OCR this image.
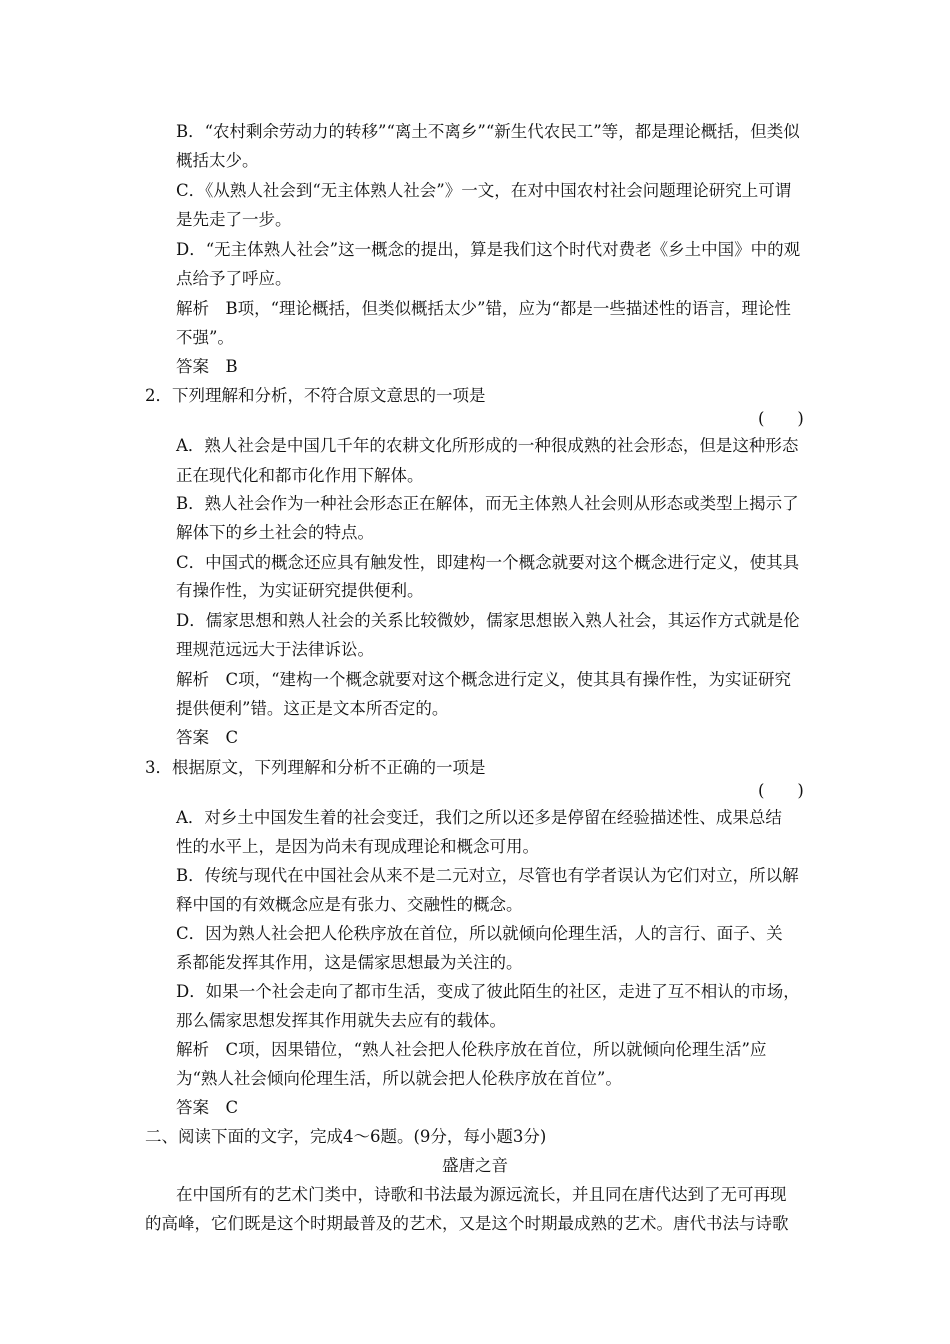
B．“农村剩余劳动力的转移”“离土不离乡”“新生代农民工”等，都是理论概括，但类似
概括太少。
C．《从熟人社会到“无主体熟人社会”》一文，在对中国农村社会问题理论研究上可谓
是先走了一步。
D．“无主体熟人社会”这一概念的提出，算是我们这个时代对费老《乡土中国》中的观
点给予了呼应。
解析　B项，“理论概括，但类似概括太少”错，应为“都是一些描述性的语言，理论性
不强”。
答案　B
2．下列理解和分析，不符合原文意思的一项是
(　　)
A．熟人社会是中国几千年的农耕文化所形成的一种很成熟的社会形态，但是这种形态
正在现代化和都市化作用下解体。
B．熟人社会作为一种社会形态正在解体，而无主体熟人社会则从形态或类型上揭示了
解体下的乡土社会的特点。
C．中国式的概念还应具有触发性，即建构一个概念就要对这个概念进行定义，使其具
有操作性，为实证研究提供便利。
D．儒家思想和熟人社会的关系比较微妙，儒家思想嵌入熟人社会，其运作方式就是伦
理规范远远大于法律诉讼。
解析　C项，“建构一个概念就要对这个概念进行定义，使其具有操作性，为实证研究
提供便利”错。这正是文本所否定的。
答案　C
3．根据原文，下列理解和分析不正确的一项是
(　　)
A．对乡土中国发生着的社会变迁，我们之所以还多是停留在经验描述性、成果总结
性的水平上，是因为尚未有现成理论和概念可用。
B．传统与现代在中国社会从来不是二元对立，尽管也有学者误认为它们对立，所以解
释中国的有效概念应是有张力、交融性的概念。
C．因为熟人社会把人伦秩序放在首位，所以就倾向伦理生活，人的言行、面子、关
系都能发挥其作用，这是儒家思想最为关注的。
D．如果一个社会走向了都市生活，变成了彼此陌生的社区，走进了互不相认的市场，
那么儒家思想发挥其作用就失去应有的载体。
解析　C项，因果错位，“熟人社会把人伦秩序放在首位，所以就倾向伦理生活”应
为“熟人社会倾向伦理生活，所以就会把人伦秩序放在首位”。
答案　C
二、阅读下面的文字，完成4～6题。(9分，每小题3分)
盛唐之音
在中国所有的艺术门类中，诗歌和书法最为源远流长，并且同在唐代达到了无可再现
的高峰，它们既是这个时期最普及的艺术，又是这个时期最成熟的艺术。唐代书法与诗歌
